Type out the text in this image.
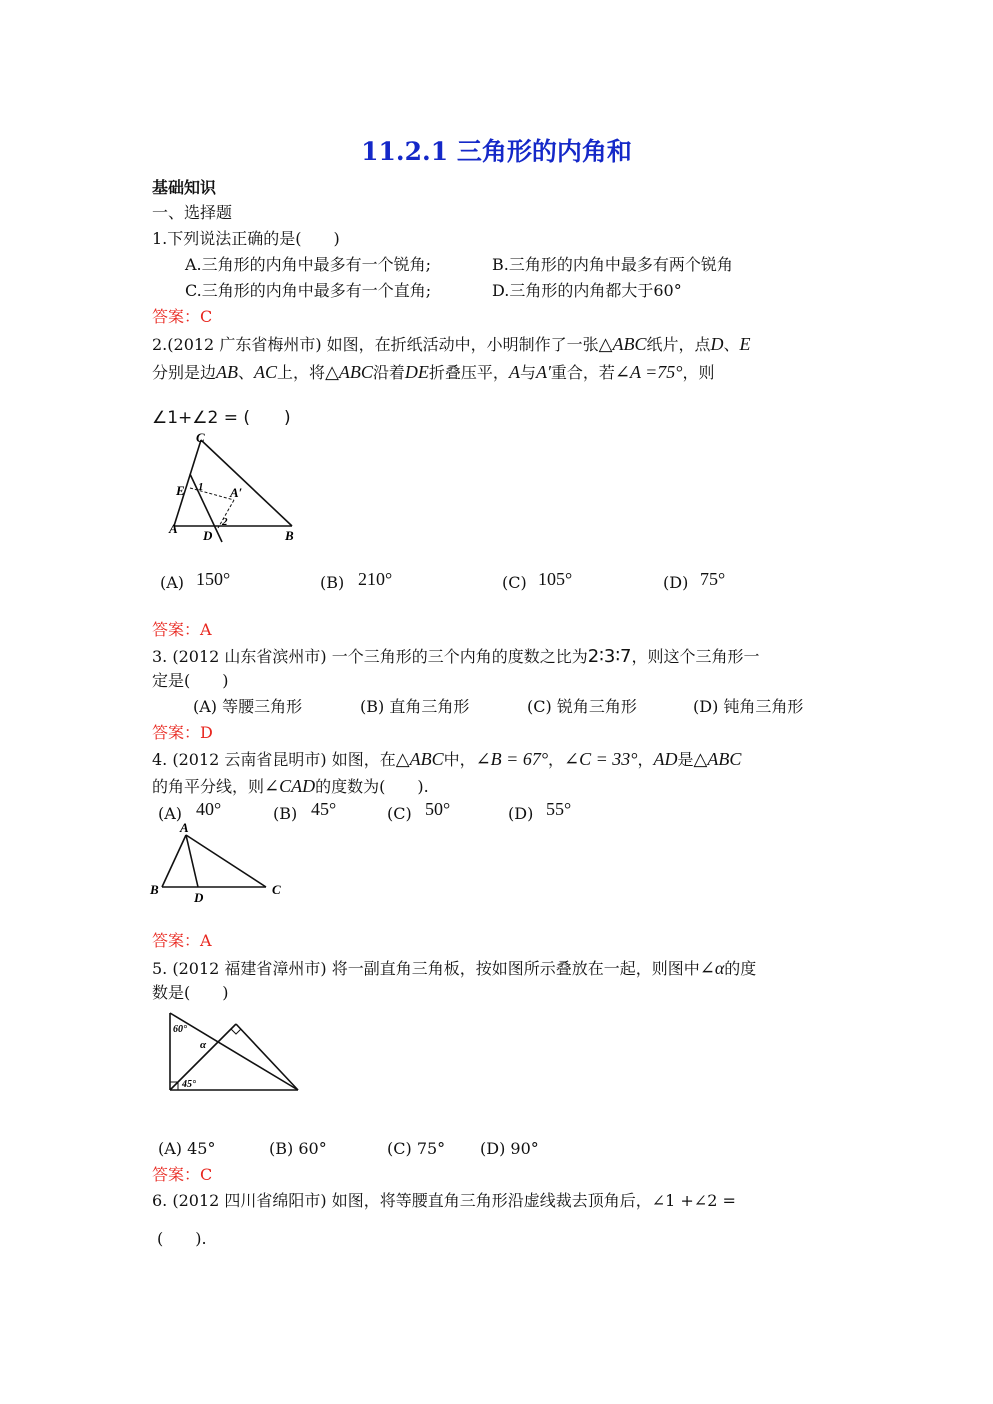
11.2.1 三角形的内角和
基础知识
一、选择题
1.下列说法正确的是(　　)
A.三角形的内角中最多有一个锐角;	B.三角形的内角中最多有两个锐角
C.三角形的内角中最多有一个直角;	D.三角形的内角都大于60°
答案：C
2.(2012 广东省梅州市) 如图，在折纸活动中，小明制作了一张△ABC纸片，点D、E
分别是边AB、AC上，将△ABC沿着DE折叠压平，A与A′重合，若∠A =75°，则
∠1+∠2 = (　　)
C
E 1 A′
A	2
D	B
(A) 150°	(B) 210°	(C) 105°	(D) 75°
答案：A
3. (2012 山东省滨州市) 一个三角形的三个内角的度数之比为2∶3∶7，则这个三角形一
定是(　　)
(A) 等腰三角形	(B) 直角三角形	(C) 锐角三角形	(D) 钝角三角形
答案：D
4. (2012 云南省昆明市) 如图，在△ABC中，∠B = 67°，∠C = 33°，AD是△ABC
的角平分线，则∠CAD的度数为(　　).
(A) 40°	(B) 45°	(C) 50°	(D) 55°
A
B
D
C
答案：A
5. (2012 福建省漳州市) 将一副直角三角板，按如图所示叠放在一起，则图中∠α的度
数是(　　)
60°
α
45°
(A) 45°	(B) 60°	(C) 75° (D) 90°
答案：C
6. (2012 四川省绵阳市) 如图，将等腰直角三角形沿虚线裁去顶角后，∠1 +∠2 =
(　　).
